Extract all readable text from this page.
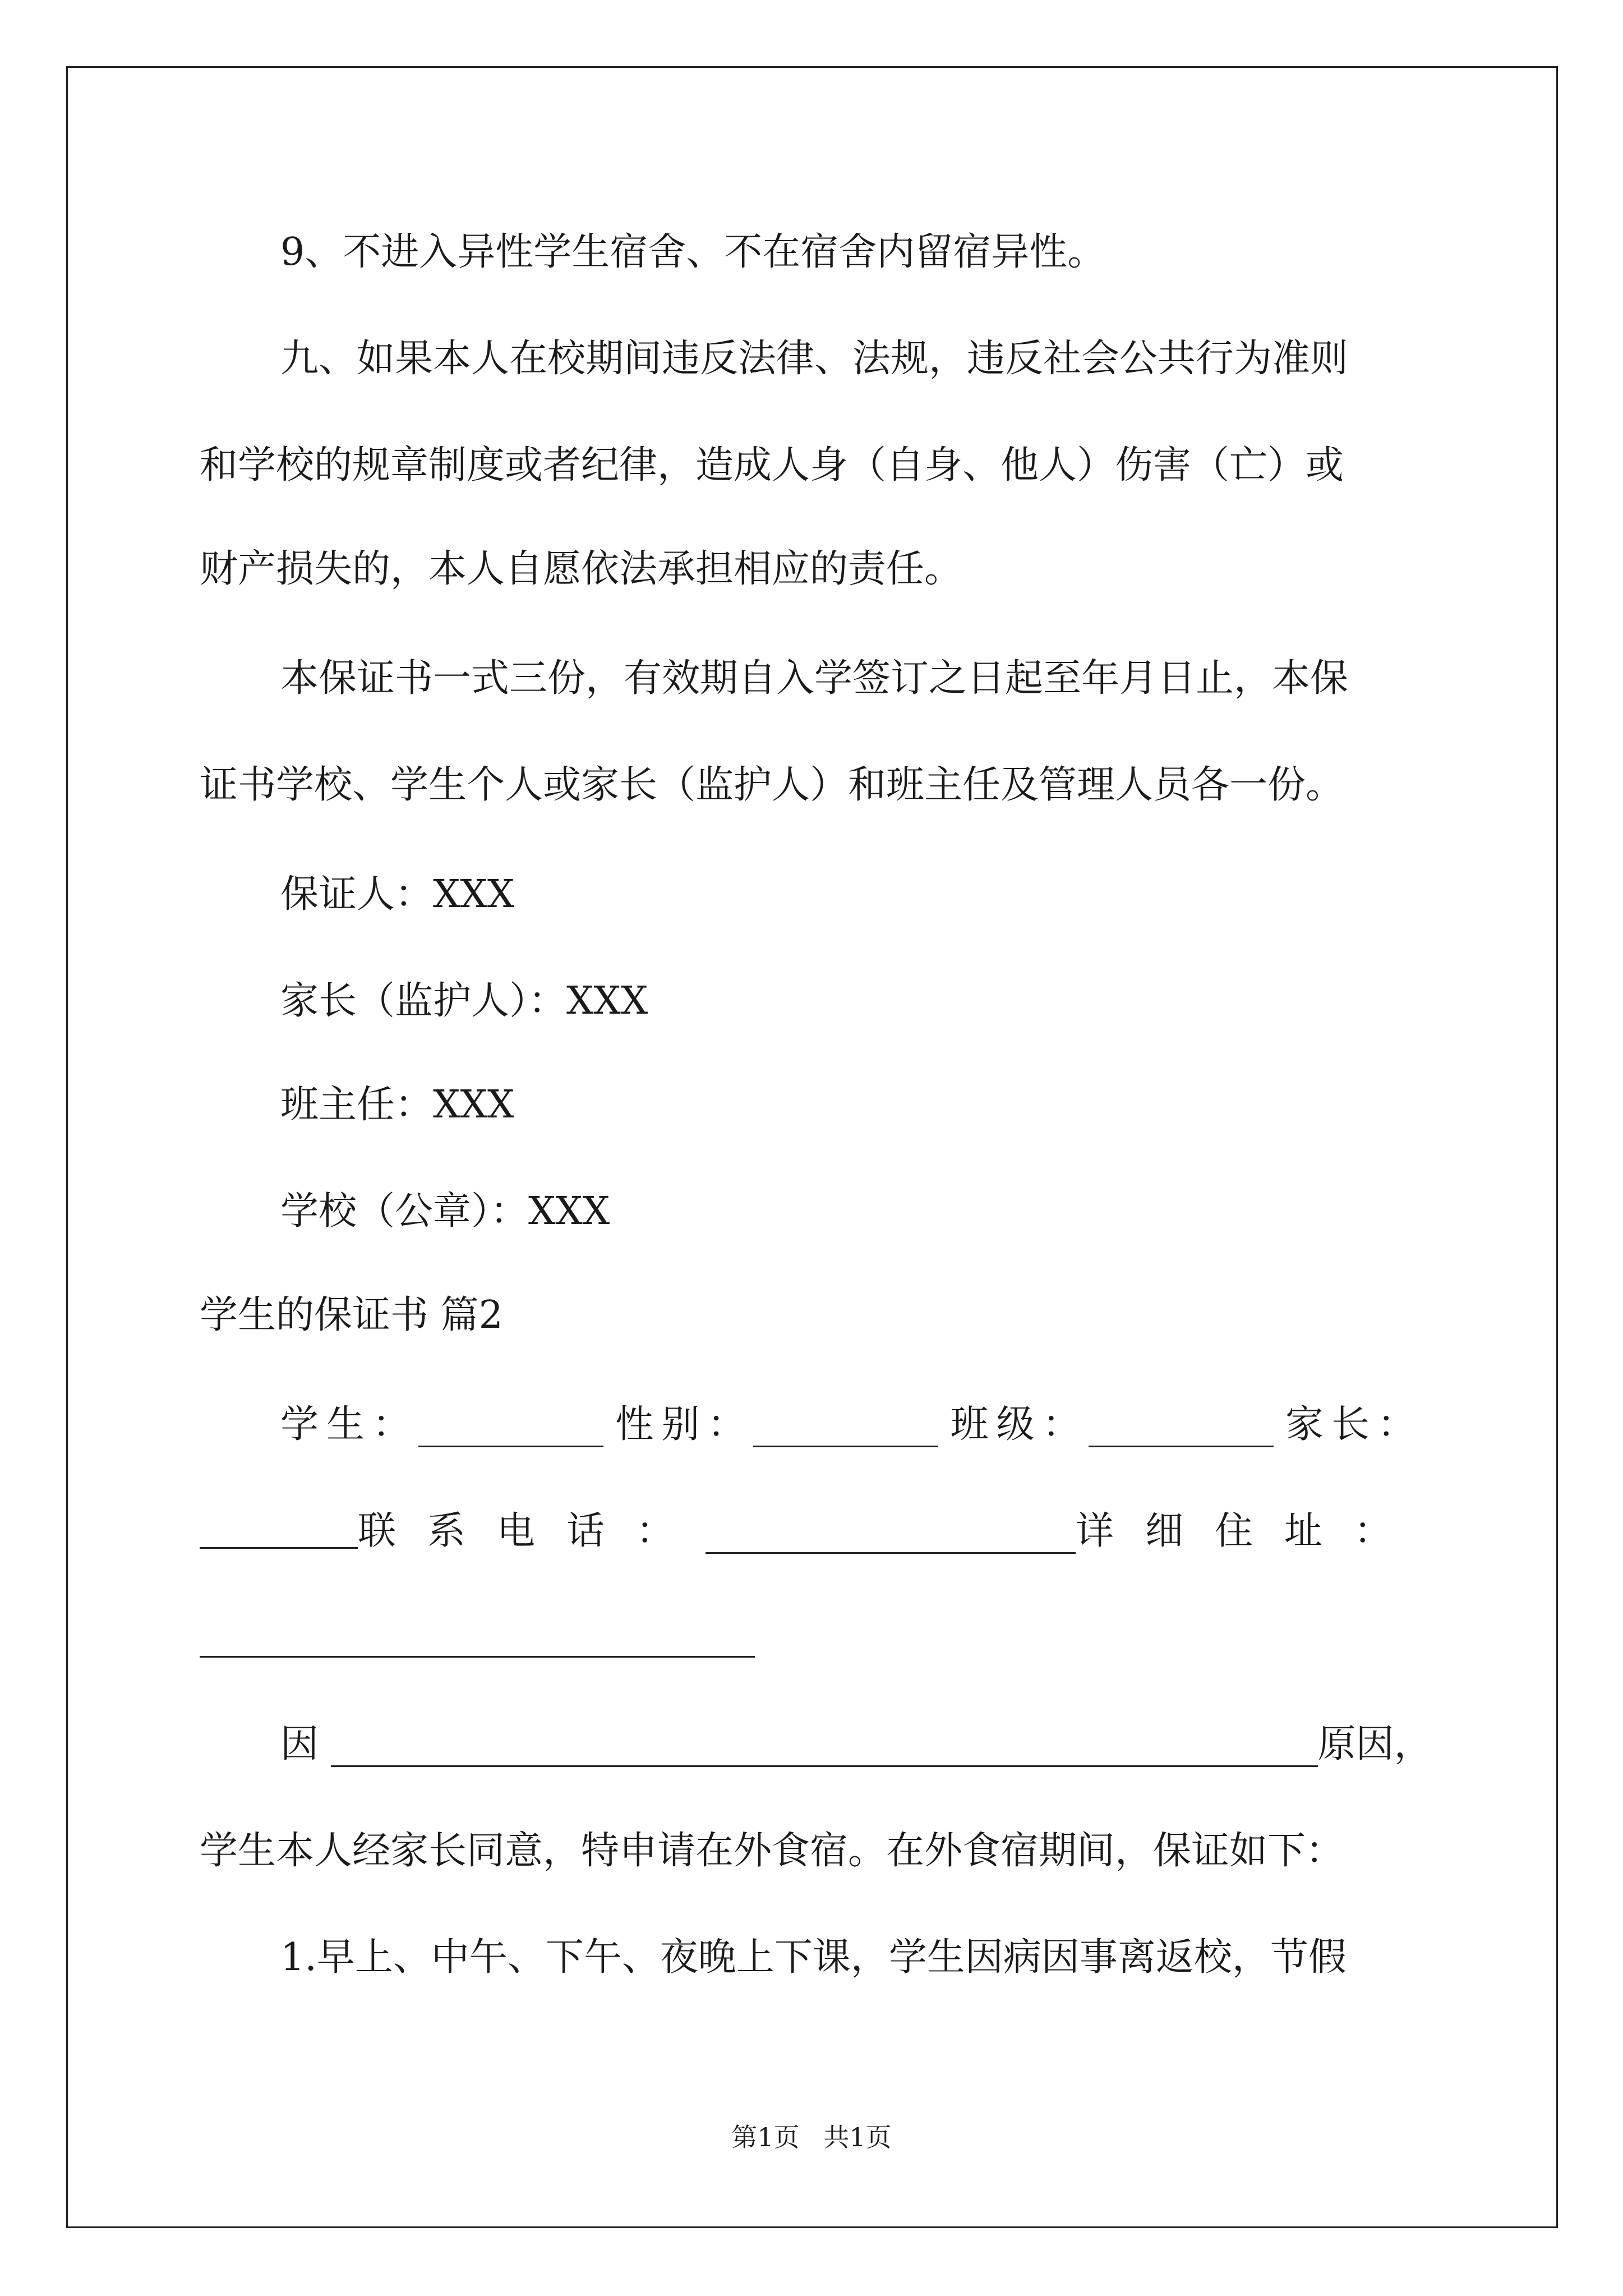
9、不进入异性学生宿舍、不在宿舍内留宿异性。
九、如果本人在校期间违反法律、法规，违反社会公共行为准则
和学校的规章制度或者纪律，造成人身（自身、他人）伤害（亡）或
财产损失的，本人自愿依法承担相应的责任。
本保证书一式三份，有效期自入学签订之日起至年月日止，本保
证书学校、学生个人或家长（监护人）和班主任及管理人员各一份。
保证人：XXX
家长（监护人）：XXX
班主任：XXX
学校（公章）：XXX
学生的保证书 篇2
学生：	性别：	班级：	家长：
联系电话：	详细住址：
因	原因，
学生本人经家长同意，特申请在外食宿。在外食宿期间，保证如下：
1.早上、中午、下午、夜晚上下课，学生因病因事离返校，节假
第1页 共1页
